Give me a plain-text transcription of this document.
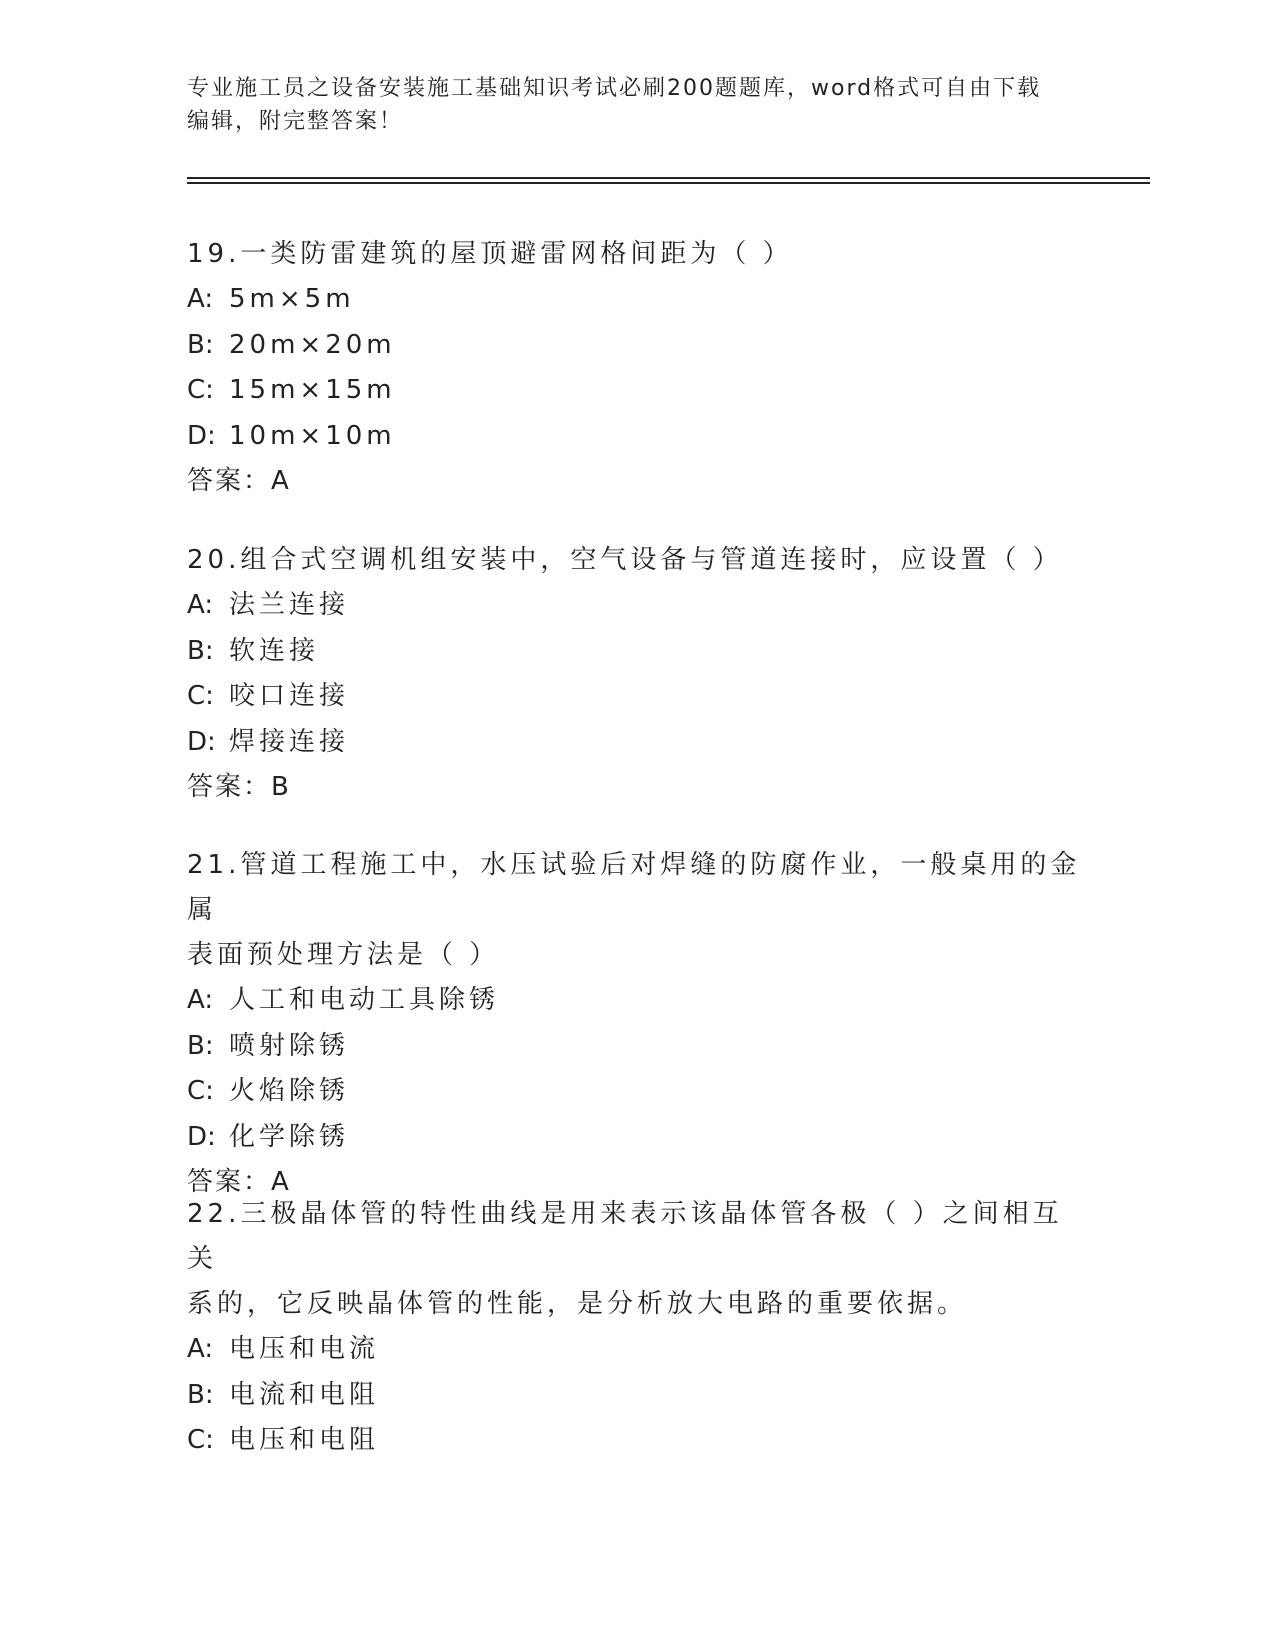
专业施工员之设备安装施工基础知识考试必刷200题题库，word格式可自由下载
编辑，附完整答案！

19.一类防雷建筑的屋顶避雷网格间距为（ ）

A: 5m×5m

B: 20m×20m

C: 15m×15m

D: 10m×10m

答案：A

20.组合式空调机组安装中，空气设备与管道连接时，应设置（ ）

A: 法兰连接

B: 软连接

C: 咬口连接

D: 焊接连接

答案：B

21.管道工程施工中，水压试验后对焊缝的防腐作业，一般桌用的金属

表面预处理方法是（ ）

A: 人工和电动工具除锈

B: 喷射除锈

C: 火焰除锈

D: 化学除锈

答案：A

22.三极晶体管的特性曲线是用来表示该晶体管各极（ ）之间相互关

系的，它反映晶体管的性能，是分析放大电路的重要依据。

A: 电压和电流

B: 电流和电阻

C: 电压和电阻
